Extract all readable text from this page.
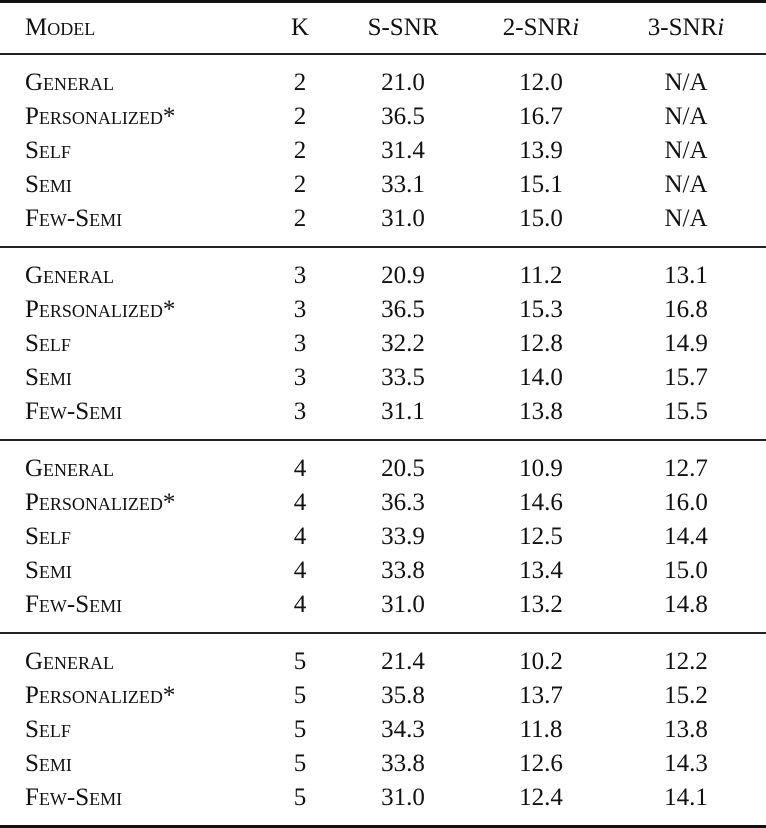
Model	K	S-SNR	2-SNRi	3-SNRi
General	2	21.0	12.0	N/A
Personalized*	2	36.5	16.7	N/A
Self	2	31.4	13.9	N/A
Semi	2	33.1	15.1	N/A
Few-Semi	2	31.0	15.0	N/A
General	3	20.9	11.2	13.1
Personalized*	3	36.5	15.3	16.8
Self	3	32.2	12.8	14.9
Semi	3	33.5	14.0	15.7
Few-Semi	3	31.1	13.8	15.5
General	4	20.5	10.9	12.7
Personalized*	4	36.3	14.6	16.0
Self	4	33.9	12.5	14.4
Semi	4	33.8	13.4	15.0
Few-Semi	4	31.0	13.2	14.8
General	5	21.4	10.2	12.2
Personalized*	5	35.8	13.7	15.2
Self	5	34.3	11.8	13.8
Semi	5	33.8	12.6	14.3
Few-Semi	5	31.0	12.4	14.1
